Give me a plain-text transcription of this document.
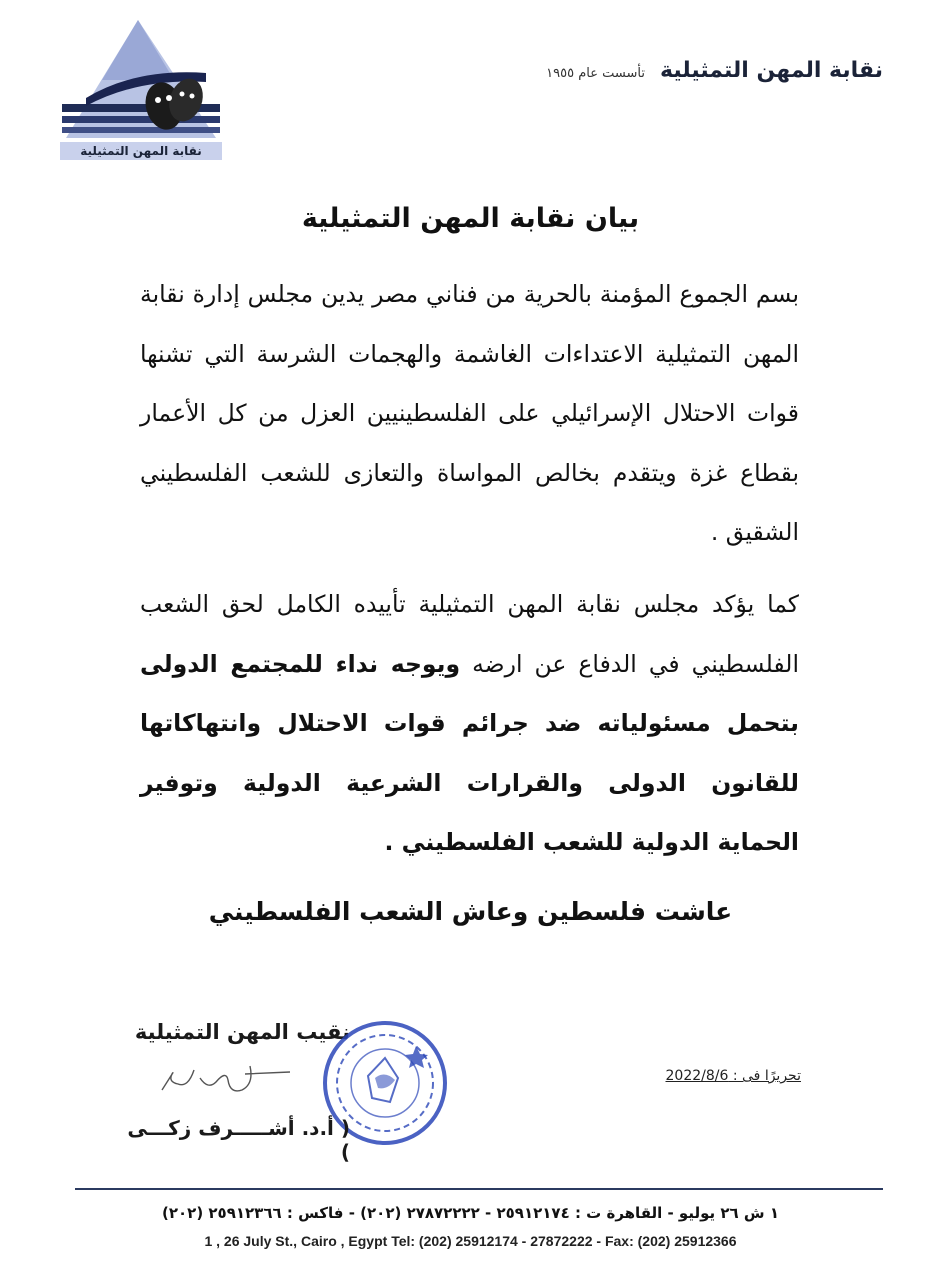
نقابة المهن التمثيلية
نقابة المهن التمثيلية تأسست عام ١٩٥٥
بيان نقابة المهن التمثيلية

بسم الجموع المؤمنة بالحرية من فناني مصر يدين مجلس إدارة نقابة المهن التمثيلية الاعتداءات الغاشمة والهجمات الشرسة التي تشنها قوات الاحتلال الإسرائيلي على الفلسطينيين العزل من كل الأعمار بقطاع غزة ويتقدم بخالص المواساة والتعازى للشعب الفلسطيني الشقيق .

كما يؤكد مجلس نقابة المهن التمثيلية تأييده الكامل لحق الشعب الفلسطيني في الدفاع عن ارضه ويوجه نداء للمجتمع الدولى بتحمل مسئولياته ضد جرائم قوات الاحتلال وانتهاكاتها للقانون الدولى والقرارات الشرعية الدولية وتوفير الحماية الدولية للشعب الفلسطيني .

عاشت فلسطين وعاش الشعب الفلسطيني
نقيب المهن التمثيلية
( أ.د. أشـــــرف زكـــى )
تحريرًا فى : 2022/8/6
١ ش ٢٦ يوليو - القاهرة ت : ٢٥٩١٢١٧٤ - ٢٧٨٧٢٢٢٢ (٢٠٢) - فاكس : ٢٥٩١٢٣٦٦ (٢٠٢)
1 , 26 July St., Cairo , Egypt Tel: (202) 25912174 - 27872222 - Fax: (202) 25912366
